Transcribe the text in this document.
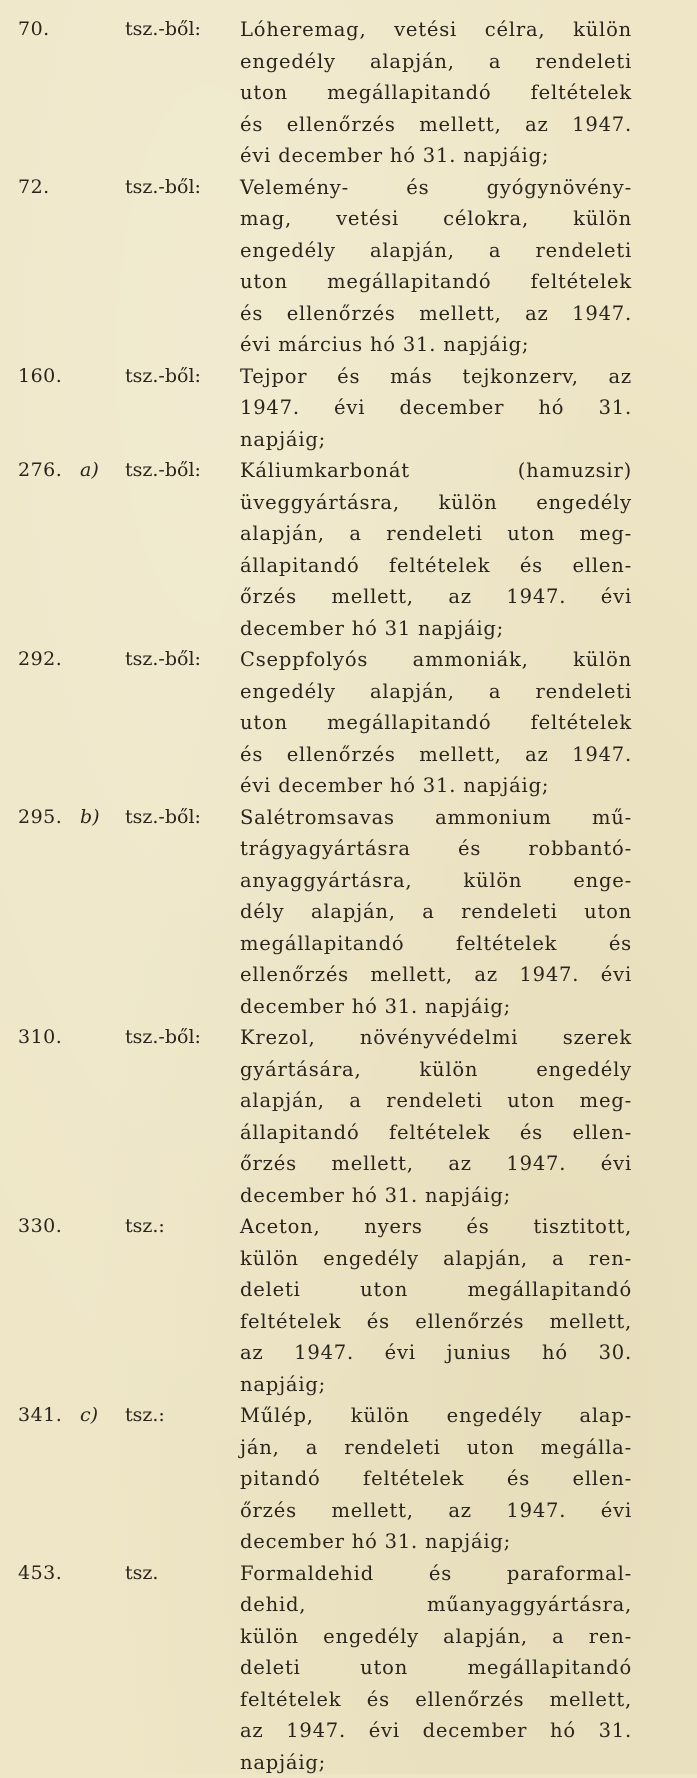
70.	tsz.-ből: Lóheremag, vetési célra, külön
engedély alapján, a rendeleti
uton megállapitandó feltételek
és ellenőrzés mellett, az 1947.
évi december hó 31. napjáig;
72.	tsz.-ből: Velemény- és gyógynövény-
mag, vetési célokra, külön
engedély alapján, a rendeleti
uton megállapitandó feltételek
és ellenőrzés mellett, az 1947.
évi március hó 31. napjáig;
160.	tsz.-ből: Tejpor és más tejkonzerv, az
1947. évi december hó 31.
napjáig;
276. a) tsz.-ből: Káliumkarbonát (hamuzsir)
üveggyártásra, külön engedély
alapján, a rendeleti uton meg-
állapitandó feltételek és ellen-
őrzés mellett, az 1947. évi
december hó 31 napjáig;
292.	tsz.-ből: Cseppfolyós ammoniák, külön
engedély alapján, a rendeleti
uton megállapitandó feltételek
és ellenőrzés mellett, az 1947.
évi december hó 31. napjáig;
295. b) tsz.-ből: Salétromsavas ammonium mű-
trágyagyártásra és robbantó-
anyaggyártásra, külön enge-
dély alapján, a rendeleti uton
megállapitandó feltételek és
ellenőrzés mellett, az 1947. évi
december hó 31. napjáig;
310.	tsz.-ből: Krezol, növényvédelmi szerek
gyártására, külön engedély
alapján, a rendeleti uton meg-
állapitandó feltételek és ellen-
őrzés mellett, az 1947. évi
december hó 31. napjáig;
330.	tsz.:	Aceton, nyers és tisztitott,
külön engedély alapján, a ren-
deleti uton megállapitandó
feltételek és ellenőrzés mellett,
az 1947. évi junius hó 30.
napjáig;
341. c) tsz.:	Műlép, külön engedély alap-
ján, a rendeleti uton megálla-
pitandó feltételek és ellen-
őrzés mellett, az 1947. évi
december hó 31. napjáig;
453.	tsz.	Formaldehid és paraformal-
dehid, műanyaggyártásra,
külön engedély alapján, a ren-
deleti uton megállapitandó
feltételek és ellenőrzés mellett,
az 1947. évi december hó 31.
napjáig;
